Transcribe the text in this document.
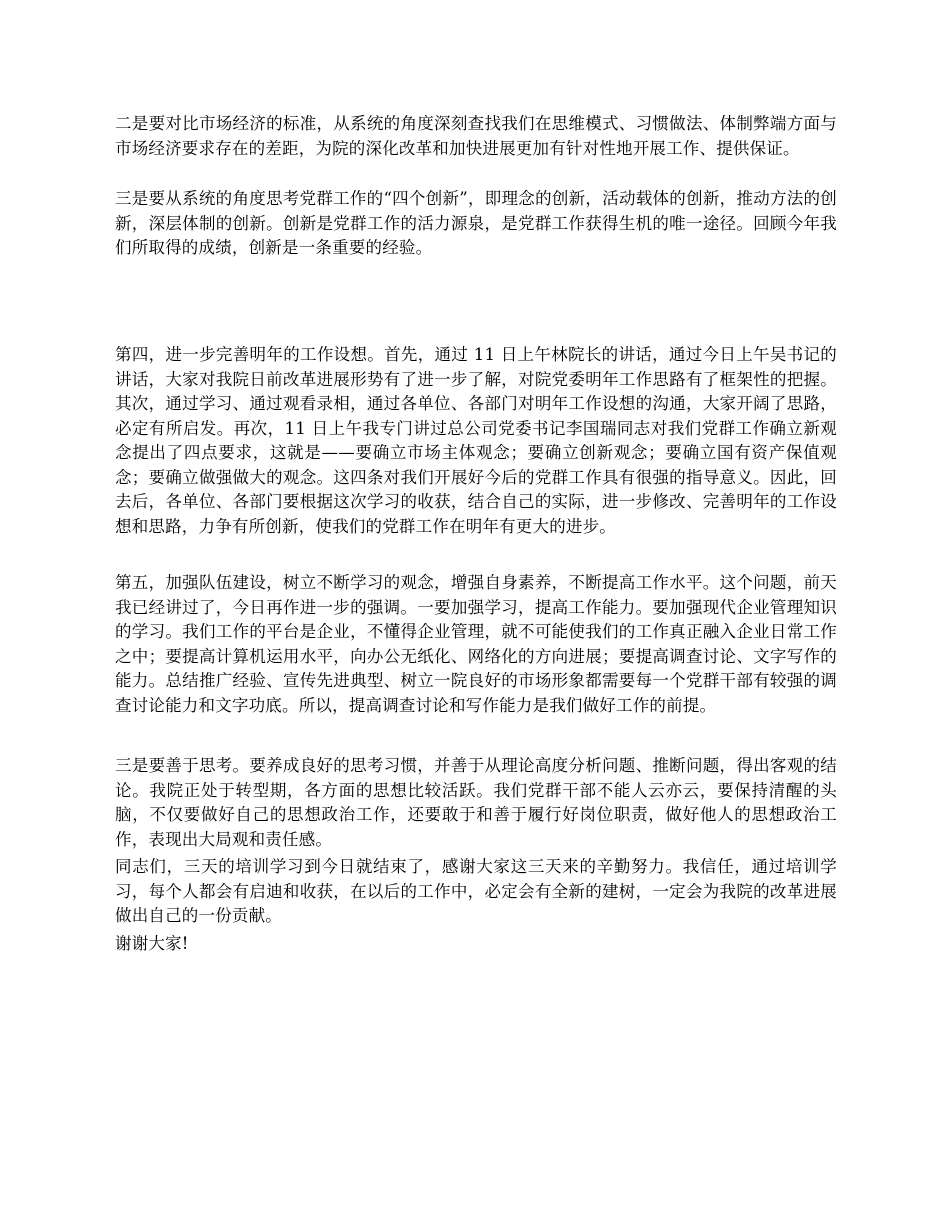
二是要对比市场经济的标准，从系统的角度深刻查找我们在思维模式、习惯做法、体制弊端方面与市场经济要求存在的差距，为院的深化改革和加快进展更加有针对性地开展工作、提供保证。

三是要从系统的角度思考党群工作的“四个创新”，即理念的创新，活动载体的创新，推动方法的创新，深层体制的创新。创新是党群工作的活力源泉，是党群工作获得生机的唯一途径。回顾今年我们所取得的成绩，创新是一条重要的经验。

第四，进一步完善明年的工作设想。首先，通过 11 日上午林院长的讲话，通过今日上午吴书记的讲话，大家对我院日前改革进展形势有了进一步了解，对院党委明年工作思路有了框架性的把握。其次，通过学习、通过观看录相，通过各单位、各部门对明年工作设想的沟通，大家开阔了思路，必定有所启发。再次，11 日上午我专门讲过总公司党委书记李国瑞同志对我们党群工作确立新观念提出了四点要求，这就是——要确立市场主体观念；要确立创新观念；要确立国有资产保值观念；要确立做强做大的观念。这四条对我们开展好今后的党群工作具有很强的指导意义。因此，回去后，各单位、各部门要根据这次学习的收获，结合自己的实际，进一步修改、完善明年的工作设想和思路，力争有所创新，使我们的党群工作在明年有更大的进步。

第五，加强队伍建设，树立不断学习的观念，增强自身素养，不断提高工作水平。这个问题，前天我已经讲过了，今日再作进一步的强调。一要加强学习，提高工作能力。要加强现代企业管理知识的学习。我们工作的平台是企业，不懂得企业管理，就不可能使我们的工作真正融入企业日常工作之中；要提高计算机运用水平，向办公无纸化、网络化的方向进展；要提高调查讨论、文字写作的能力。总结推广经验、宣传先进典型、树立一院良好的市场形象都需要每一个党群干部有较强的调查讨论能力和文字功底。所以，提高调查讨论和写作能力是我们做好工作的前提。

三是要善于思考。要养成良好的思考习惯，并善于从理论高度分析问题、推断问题，得出客观的结论。我院正处于转型期，各方面的思想比较活跃。我们党群干部不能人云亦云，要保持清醒的头脑，不仅要做好自己的思想政治工作，还要敢于和善于履行好岗位职责，做好他人的思想政治工作，表现出大局观和责任感。

同志们，三天的培训学习到今日就结束了，感谢大家这三天来的辛勤努力。我信任，通过培训学习，每个人都会有启迪和收获，在以后的工作中，必定会有全新的建树，一定会为我院的改革进展做出自己的一份贡献。

谢谢大家!
